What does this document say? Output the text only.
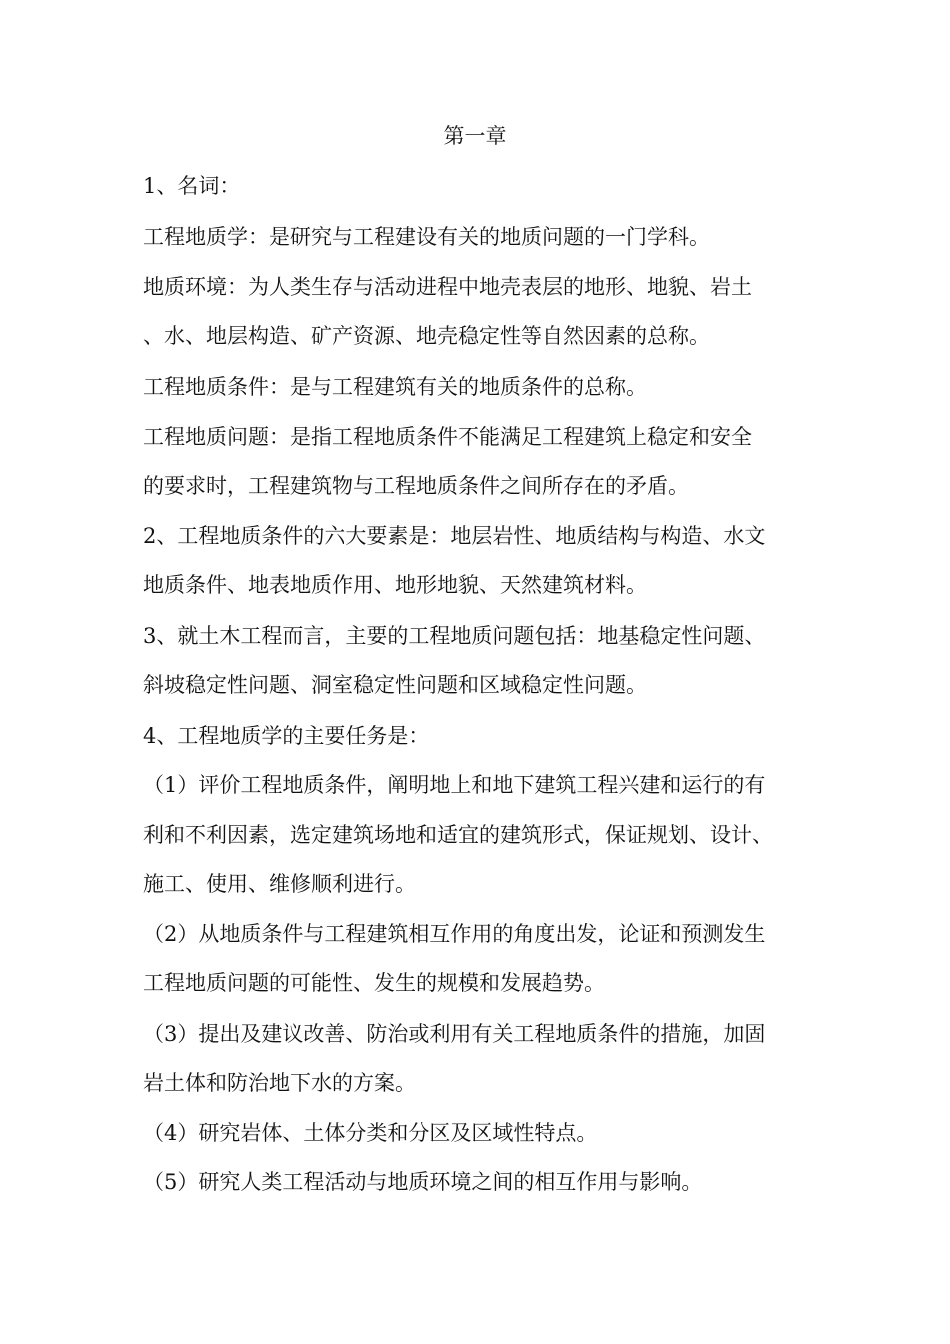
第一章
1、名词：
工程地质学：是研究与工程建设有关的地质问题的一门学科。
地质环境：为人类生存与活动进程中地壳表层的地形、地貌、岩土
、水、地层构造、矿产资源、地壳稳定性等自然因素的总称。
工程地质条件：是与工程建筑有关的地质条件的总称。
工程地质问题：是指工程地质条件不能满足工程建筑上稳定和安全
的要求时，工程建筑物与工程地质条件之间所存在的矛盾。
2、工程地质条件的六大要素是：地层岩性、地质结构与构造、水文
地质条件、地表地质作用、地形地貌、天然建筑材料。
3、就土木工程而言，主要的工程地质问题包括：地基稳定性问题、
斜坡稳定性问题、洞室稳定性问题和区域稳定性问题。
4、工程地质学的主要任务是：
（1）评价工程地质条件，阐明地上和地下建筑工程兴建和运行的有
利和不利因素，选定建筑场地和适宜的建筑形式，保证规划、设计、
施工、使用、维修顺利进行。
（2）从地质条件与工程建筑相互作用的角度出发，论证和预测发生
工程地质问题的可能性、发生的规模和发展趋势。
（3）提出及建议改善、防治或利用有关工程地质条件的措施，加固
岩土体和防治地下水的方案。
（4）研究岩体、土体分类和分区及区域性特点。
（5）研究人类工程活动与地质环境之间的相互作用与影响。
